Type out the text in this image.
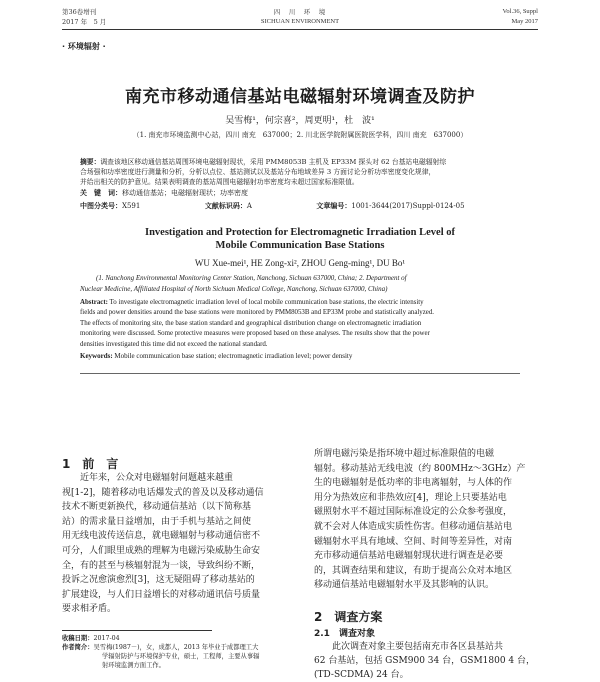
第36卷增刊
2017 年　5 月
四　川　环　境
SICHUAN ENVIRONMENT
Vol.36, Suppl
May 2017
· 环境辐射 ·
南充市移动通信基站电磁辐射环境调查及防护
吴雪梅¹，何宗喜²，周更明¹，杜　波¹
（1. 南充市环境监测中心站，四川 南充　637000；2. 川北医学院附属医院医学科，四川 南充　637000）
摘要：调查该地区移动通信基站周围环境电磁辐射现状，采用 PMM8053B 主机及 EP33M 探头对 62 台基站电磁辐射综
合场强和功率密度进行测量和分析，分析以点位、基站测试以及基站分布地域差异 3 方面讨论分析功率密度变化规律，
并给出相关的防护意见。结果表明调查的基站周围电磁辐射功率密度均未超过国家标准限值。
关　键　词：移动通信基站；电磁辐射现状；功率密度
中图分类号：X591	文献标识码：A	文章编号：1001-3644(2017)Suppl-0124-05
Investigation and Protection for Electromagnetic Irradiation Level of
Mobile Communication Base Stations
WU Xue-mei¹, HE Zong-xi², ZHOU Geng-ming¹, DU Bo¹
(1. Nanchong Environmental Monitoring Center Station, Nanchong, Sichuan 637000, China; 2. Department of
Nuclear Medicine, Affiliated Hospital of North Sichuan Medical College, Nanchong, Sichuan 637000, China)
Abstract: To investigate electromagnetic irradiation level of local mobile communication base stations, the electric intensity
fields and power densities around the base stations were monitored by PMM8053B and EP33M probe and statistically analyzed.
The effects of monitoring site, the base station standard and geographical distribution change on electromagnetic irradiation
monitoring were discussed. Some protective measures were proposed based on these analyses. The results show that the power
densities investigated this time did not exceed the national standard.
Keywords: Mobile communication base station; electromagnetic irradiation level; power density
1　前　言
　　近年来，公众对电磁辐射问题越来越重
视[1-2]，随着移动电话爆发式的普及以及移动通信
技术不断更新换代，移动通信基站（以下简称基
站）的需求量日益增加，由于手机与基站之间使
用无线电波传送信息，就电磁辐射与移动通信密不
可分，人们眼里成熟的理解为电磁污染威胁生命安
全，有的甚至与核辐射混为一谈，导致纠纷不断，
投诉之况愈演愈烈[3]，这无疑阻碍了移动基站的
扩展建设，与人们日益增长的对移动通讯信号质量
要求相矛盾。
收稿日期：2017-04
作者简介：吴雪梅(1987－)，女，成都人，2013 年毕业于成都理工大
学辐射防护与环境保护专业，硕士，工程师，主要从事辐
射环境监测方面工作。
所谓电磁污染是指环境中超过标准限值的电磁
辐射。移动基站无线电波（约 800MHz～3GHz）产
生的电磁辐射是低功率的非电离辐射，与人体的作
用分为热效应和非热效应[4]，理论上只要基站电
磁照射水平不超过国际标准设定的公众参考强度，
就不会对人体造成实质性伤害。但移动通信基站电
磁辐射水平具有地域、空间、时间等差异性，对南
充市移动通信基站电磁辐射现状进行调查是必要
的，其调查结果和建议，有助于提高公众对本地区
移动通信基站电磁辐射水平及其影响的认识。
2　调查方案
2.1　调查对象
　　此次调查对象主要包括南充市各区县基站共
62 台基站，包括 GSM900 34 台，GSM1800 4 台，
(TD-SCDMA) 24 台。
